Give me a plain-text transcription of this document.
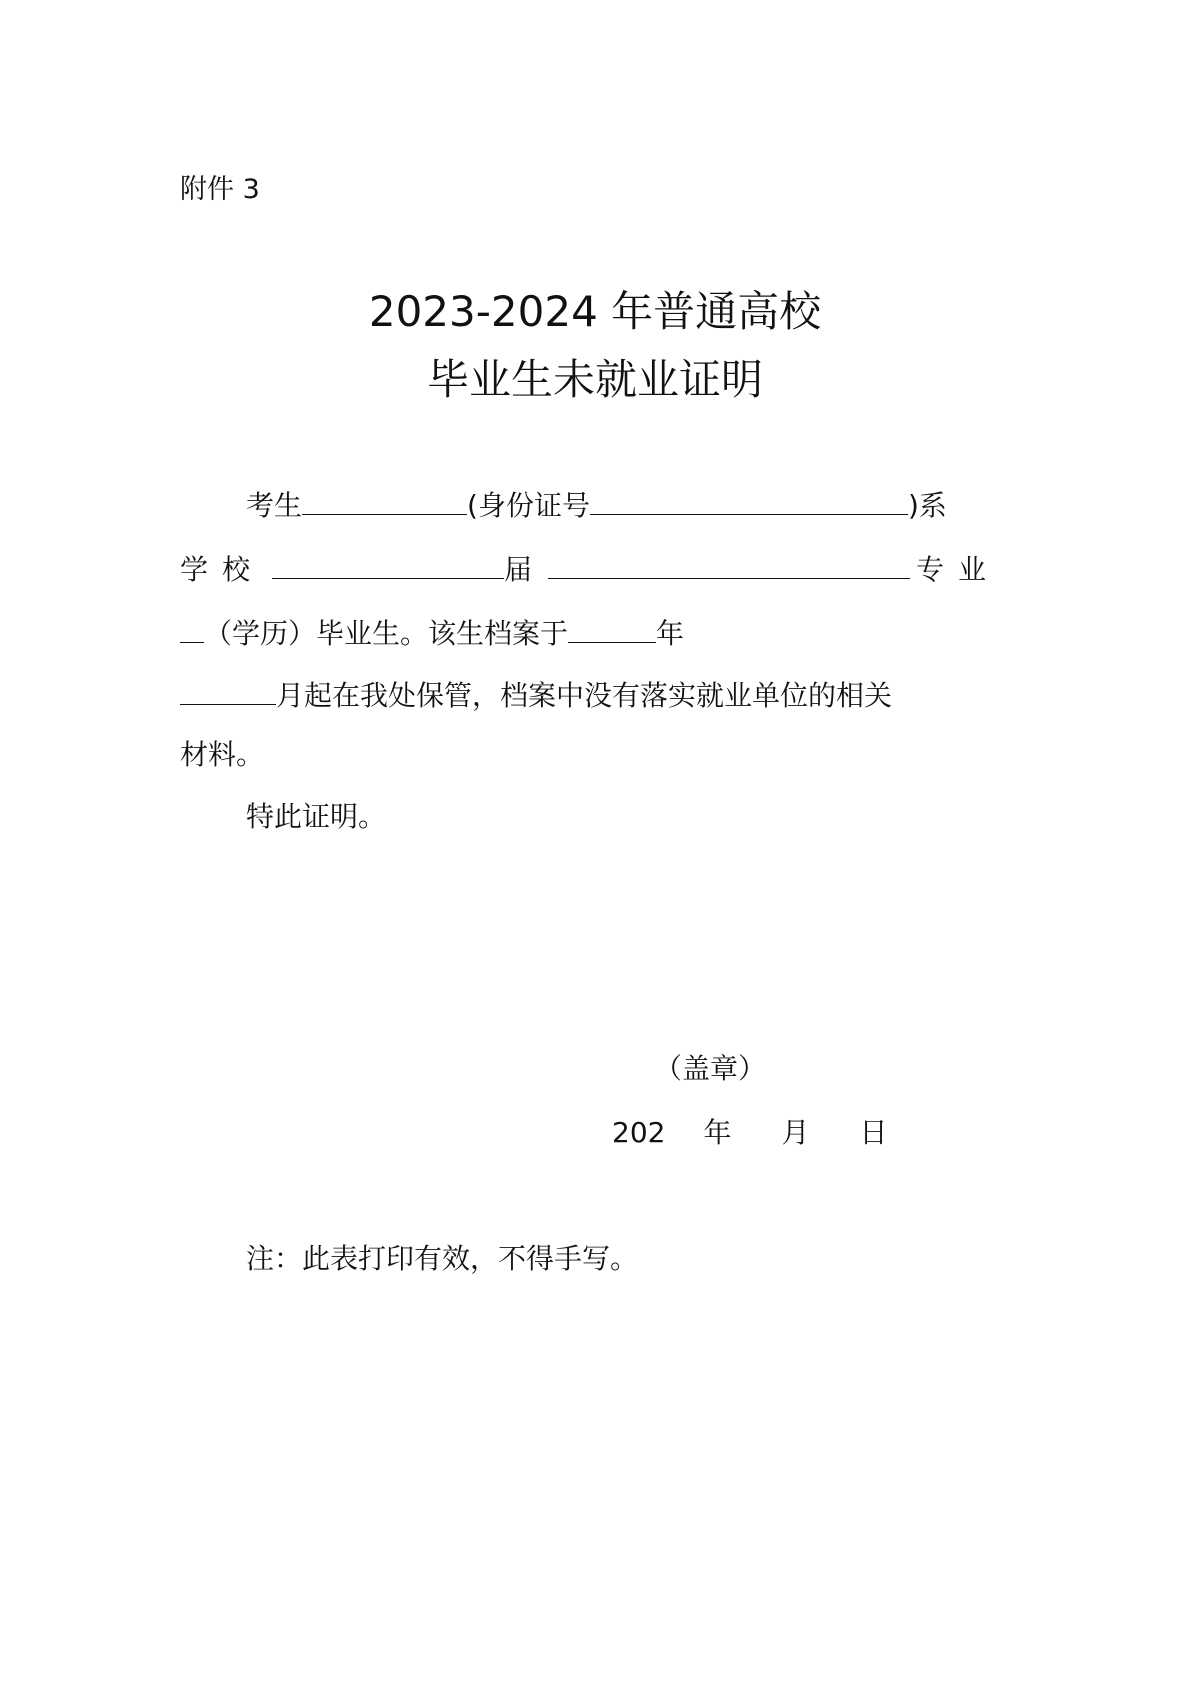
附件 3
2023-2024 年普通高校
毕业生未就业证明
考生	(身份证号	)系
学校	届	专业
（学历）毕业生。该生档案于	年
月起在我处保管，档案中没有落实就业单位的相关
材料。
特此证明。
（盖章）
202 年 月 日
注：此表打印有效，不得手写。
